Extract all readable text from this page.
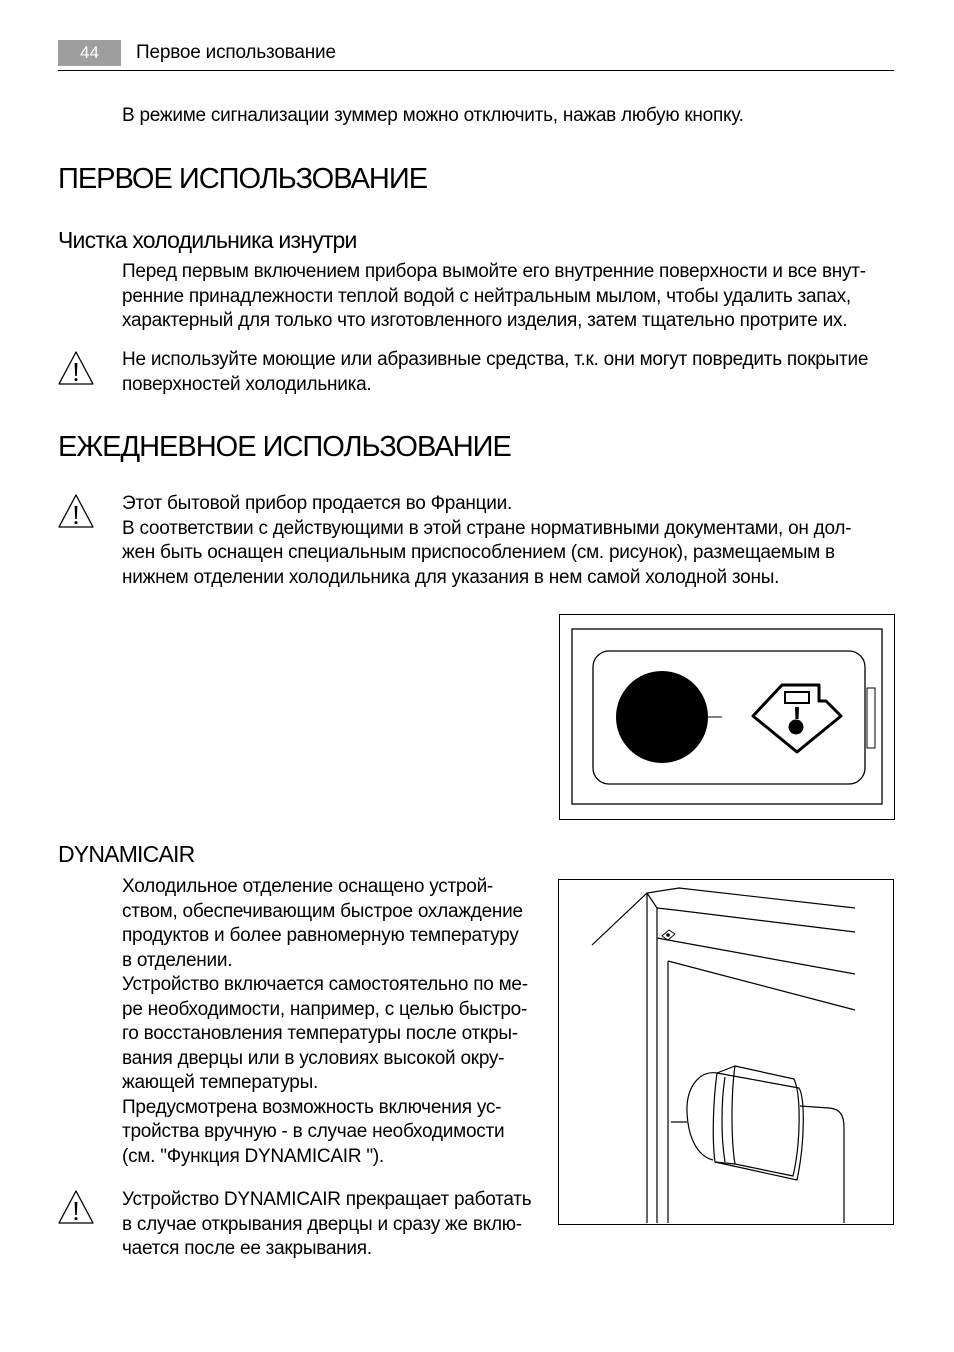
44	Первое использование
В режиме сигнализации зуммер можно отключить, нажав любую кнопку.
ПЕРВОЕ ИСПОЛЬЗОВАНИЕ
Чистка холодильника изнутри

Перед первым включением прибора вымойте его внутренние поверхности и все внут-

ренние принадлежности теплой водой с нейтральным мылом, чтобы удалить запах,

характерный для только что изготовленного изделия, затем тщательно протрите их.

Не используйте моющие или абразивные средства, т.к. они могут повредить покрытие

поверхностей холодильника.

ЕЖЕДНЕВНОЕ ИСПОЛЬЗОВАНИЕ

Этот бытовой прибор продается во Франции.

В соответствии с действующими в этой стране нормативными документами, он дол-

жен быть оснащен специальным приспособлением (см. рисунок), размещаемым в

нижнем отделении холодильника для указания в нем самой холодной зоны.

DYNAMICAIR

Холодильное отделение оснащено устрой-

ством, обеспечивающим быстрое охлаждение

продуктов и более равномерную температуру

в отделении.

Устройство включается самостоятельно по ме-

ре необходимости, например, с целью быстро-

го восстановления температуры после откры-

вания дверцы или в условиях высокой окру-

жающей температуры.

Предусмотрена возможность включения ус-

тройства вручную - в случае необходимости

(см. "Функция DYNAMICAIR ").

Устройство DYNAMICAIR прекращает работать

в случае открывания дверцы и сразу же вклю-

чается после ее закрывания.
